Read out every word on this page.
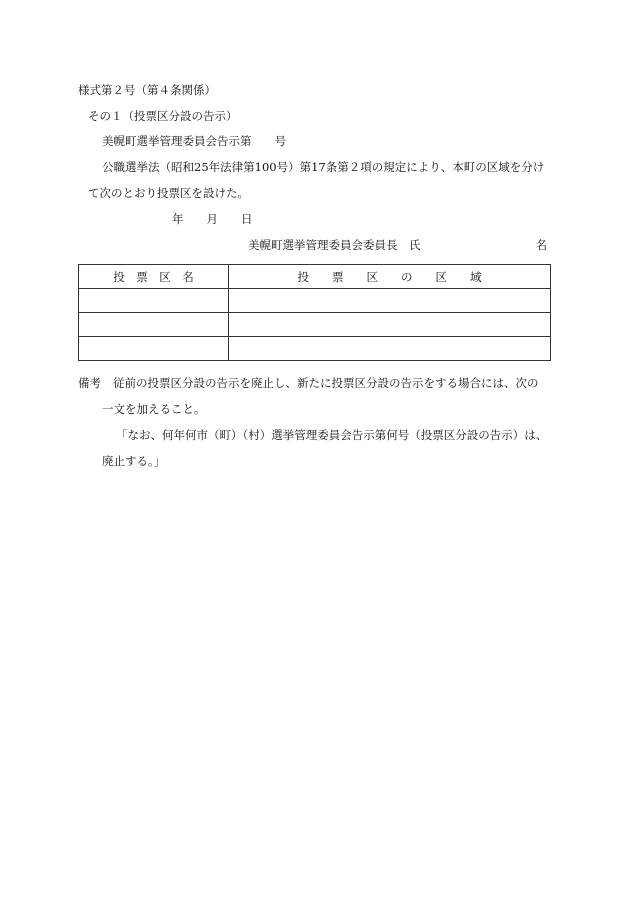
様式第２号（第４条関係）
その１（投票区分設の告示）
美幌町選挙管理委員会告示第　　号
公職選挙法（昭和25年法律第100号）第17条第２項の規定により、本町の区域を分け
て次のとおり投票区を設けた。
年　　月　　日
美幌町選挙管理委員会委員長　氏　　　　　　　　　　名
投　票　区　名	投　　票　　区　　の　　区　　域

備考 従前の投票区分設の告示を廃止し、新たに投票区分設の告示をする場合には、次の
一文を加えること。
「なお、何年何市（町）（村）選挙管理委員会告示第何号（投票区分設の告示）は、
廃止する。」
